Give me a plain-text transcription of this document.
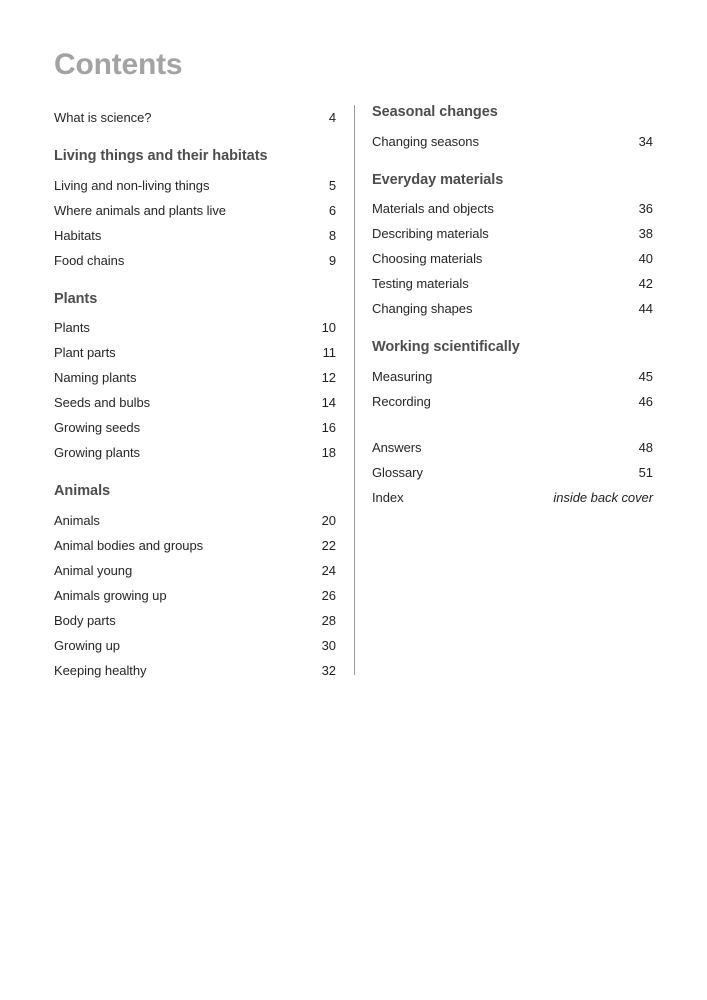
Contents
What is science?	4
Living things and their habitats
Living and non-living things	5
Where animals and plants live	6
Habitats	8
Food chains	9
Plants
Plants	10
Plant parts	11
Naming plants	12
Seeds and bulbs	14
Growing seeds	16
Growing plants	18
Animals
Animals	20
Animal bodies and groups	22
Animal young	24
Animals growing up	26
Body parts	28
Growing up	30
Keeping healthy	32
Seasonal changes
Changing seasons	34
Everyday materials
Materials and objects	36
Describing materials	38
Choosing materials	40
Testing materials	42
Changing shapes	44
Working scientifically
Measuring	45
Recording	46
Answers	48
Glossary	51
Index	inside back cover
